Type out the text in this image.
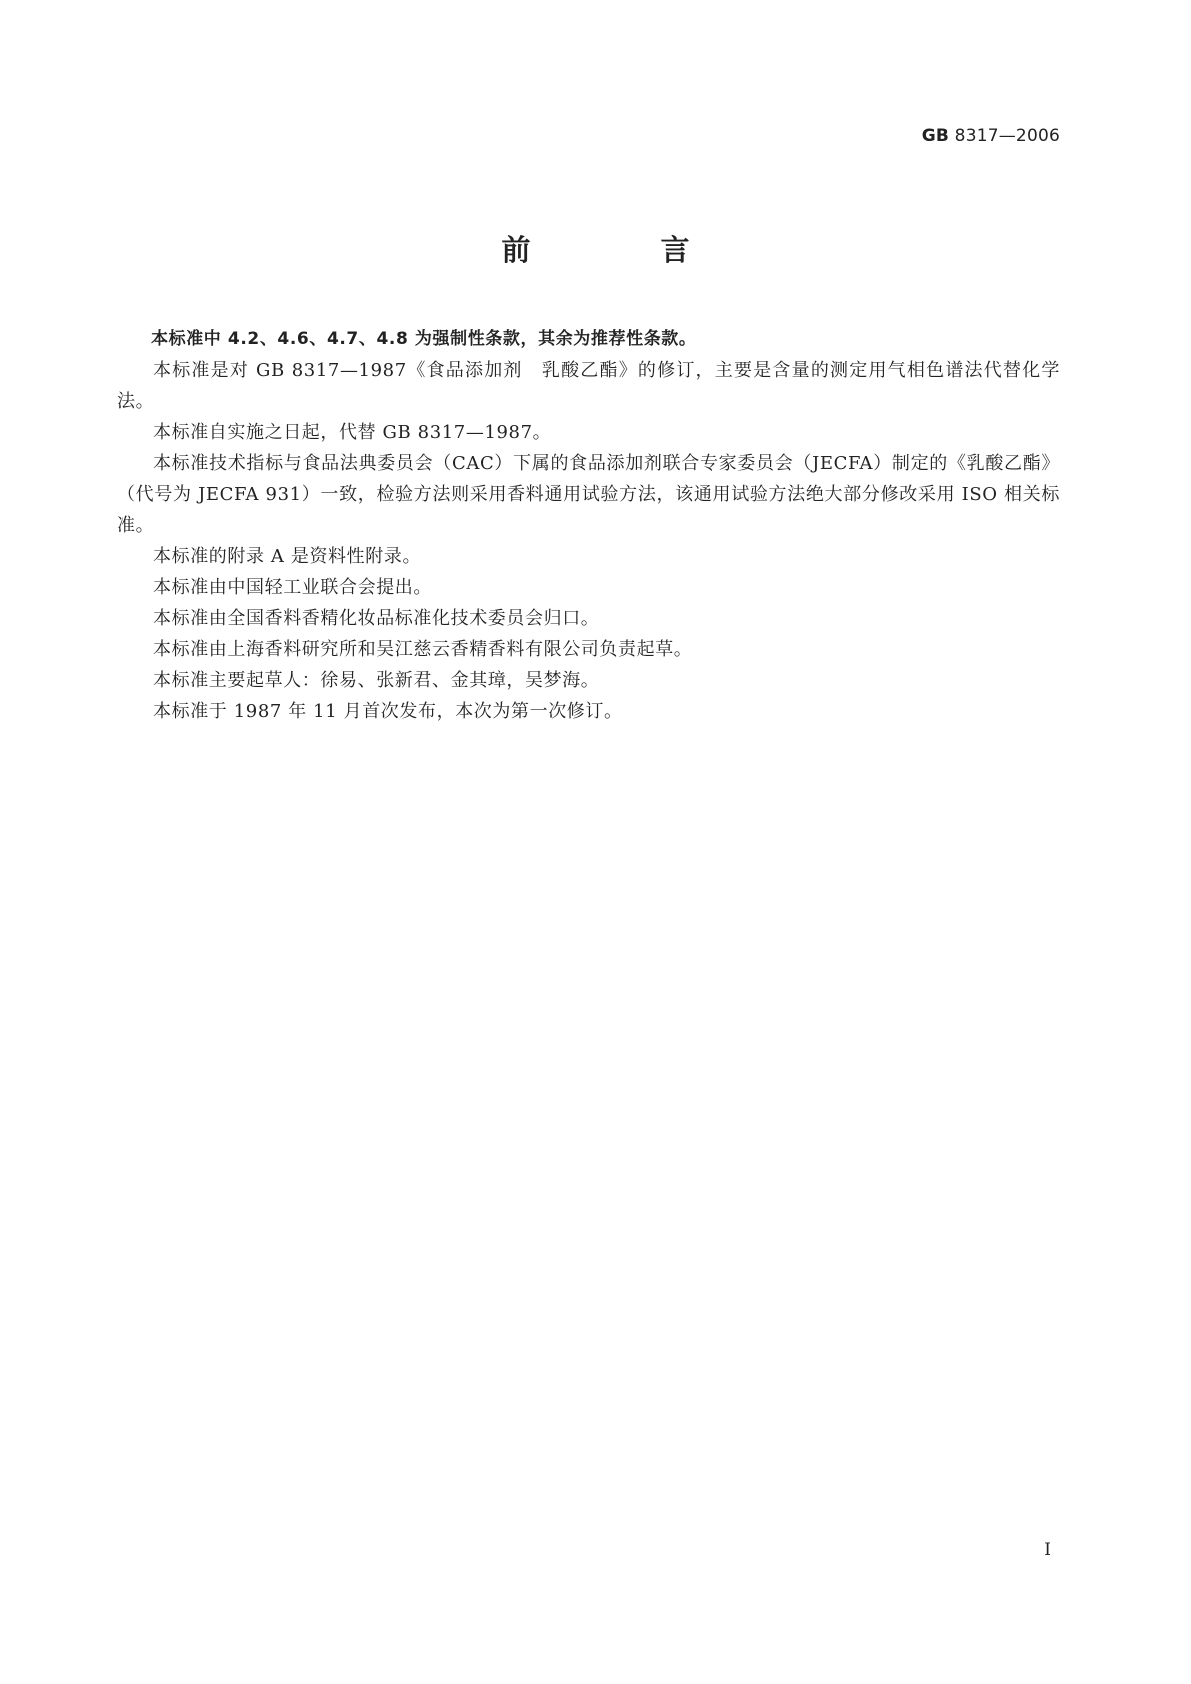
GB 8317—2006
前 言

本标准中 4.2、4.6、4.7、4.8 为强制性条款，其余为推荐性条款。

本标准是对 GB 8317—1987《食品添加剂　乳酸乙酯》的修订，主要是含量的测定用气相色谱法代替化学法。

本标准自实施之日起，代替 GB 8317—1987。

本标准技术指标与食品法典委员会（CAC）下属的食品添加剂联合专家委员会（JECFA）制定的《乳酸乙酯》（代号为 JECFA 931）一致，检验方法则采用香料通用试验方法，该通用试验方法绝大部分修改采用 ISO 相关标准。

本标准的附录 A 是资料性附录。

本标准由中国轻工业联合会提出。

本标准由全国香料香精化妆品标准化技术委员会归口。

本标准由上海香料研究所和吴江慈云香精香料有限公司负责起草。

本标准主要起草人：徐易、张新君、金其璋，吴梦海。

本标准于 1987 年 11 月首次发布，本次为第一次修订。

I
